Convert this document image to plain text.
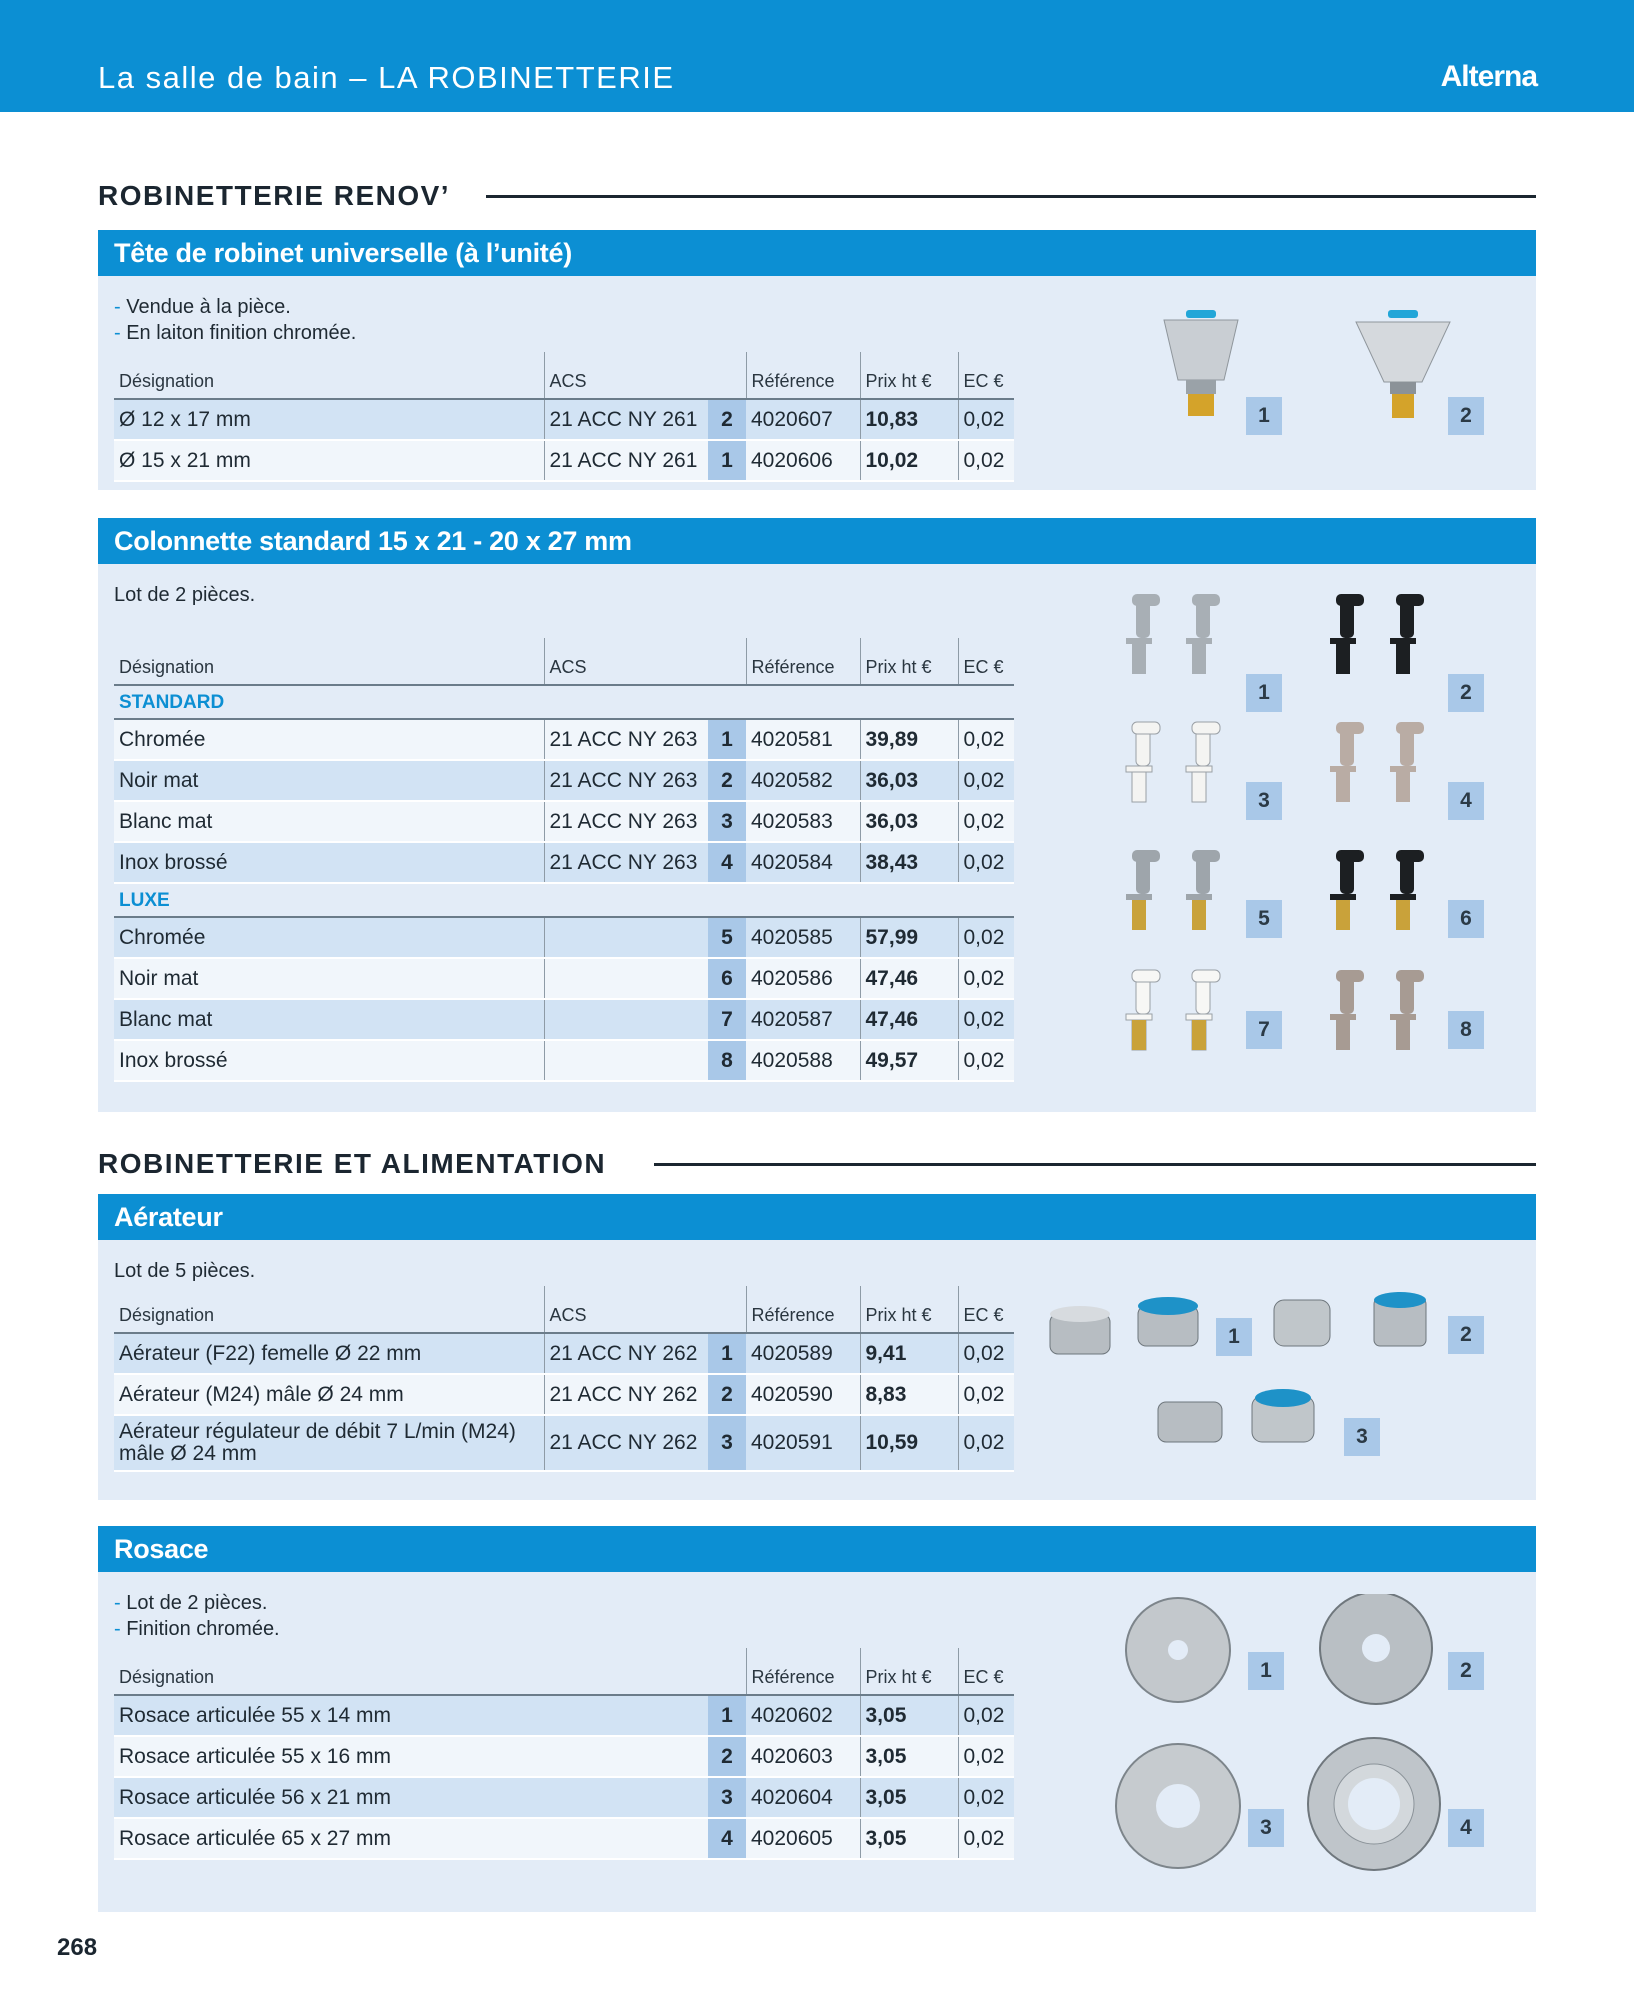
La salle de bain – LA ROBINETTERIE	Alterna
ROBINETTERIE RENOV’
Tête de robinet universelle (à l’unité)
- Vendue à la pièce.
- En laiton finition chromée.
Désignation	ACS		Référence	Prix ht €	EC €
Ø 12 x 17 mm	21 ACC NY 261	2	4020607	10,83	0,02
Ø 15 x 21 mm	21 ACC NY 261	1	4020606	10,02	0,02
1	2
Colonnette standard 15 x 21 - 20 x 27 mm
Lot de 2 pièces.
Désignation	ACS		Référence	Prix ht €	EC €
STANDARD					
Chromée	21 ACC NY 263	1	4020581	39,89	0,02
Noir mat	21 ACC NY 263	2	4020582	36,03	0,02
Blanc mat	21 ACC NY 263	3	4020583	36,03	0,02
Inox brossé	21 ACC NY 263	4	4020584	38,43	0,02
LUXE					
Chromée		5	4020585	57,99	0,02
Noir mat		6	4020586	47,46	0,02
Blanc mat		7	4020587	47,46	0,02
Inox brossé		8	4020588	49,57	0,02
1	2
3	4
5	6
7	8
ROBINETTERIE ET ALIMENTATION
Aérateur
Lot de 5 pièces.
Désignation	ACS		Référence	Prix ht €	EC €
Aérateur (F22) femelle Ø 22 mm	21 ACC NY 262	1	4020589	9,41	0,02
Aérateur (M24) mâle Ø 24 mm	21 ACC NY 262	2	4020590	8,83	0,02
Aérateur régulateur de débit 7 L/min (M24) mâle Ø 24 mm	21 ACC NY 262	3	4020591	10,59	0,02
1	2
3
Rosace
- Lot de 2 pièces.
- Finition chromée.
Désignation		Référence	Prix ht €	EC €
Rosace articulée 55 x 14 mm	1	4020602	3,05	0,02
Rosace articulée 55 x 16 mm	2	4020603	3,05	0,02
Rosace articulée 56 x 21 mm	3	4020604	3,05	0,02
Rosace articulée 65 x 27 mm	4	4020605	3,05	0,02
1	2
3	4
268
